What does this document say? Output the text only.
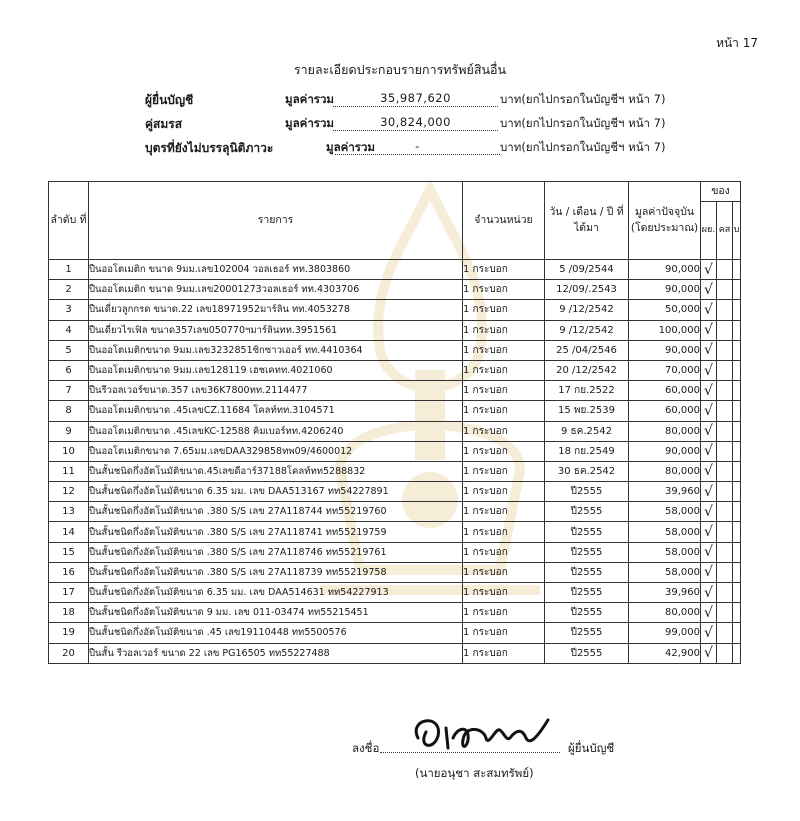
หน้า 17
รายละเอียดประกอบรายการทรัพย์สินอื่น
ผู้ยื่นบัญชี	มูลค่ารวม	35,987,620	บาท(ยกไปกรอกในบัญชีฯ หน้า 7)
คู่สมรส	มูลค่ารวม	30,824,000	บาท(ยกไปกรอกในบัญชีฯ หน้า 7)
บุตรที่ยังไม่บรรลุนิติภาวะ	มูลค่ารวม	-	บาท(ยกไปกรอกในบัญชีฯ หน้า 7)
ลำดับ ที่	รายการ	จำนวนหน่วย	วัน / เดือน / ปี ที่ได้มา	มูลค่าปัจจุบัน (โดยประมาณ)	ของ		
					ผย.	คส	บ
1	ปืนออโตเมติก ขนาด 9มม.เลข102004 วอลเธอร์ ทท.3803860	1 กระบอก	5 /09/2544	90,000	√		
2	ปืนออโตเมติก ขนาด 9มม.เลข20001273วอลเธอร์ ทท.4303706	1 กระบอก	12/09/.2543	90,000	√		
3	ปืนเดี่ยวลูกกรด ขนาด.22 เลข18971952มาร์ลิน ทท.4053278	1 กระบอก	9 /12/2542	50,000	√		
4	ปืนเดี่ยวไรเฟิล ขนาด357เลข050770ฯมาร์ลินทท.3951561	1 กระบอก	9 /12/2542	100,000	√		
5	ปืนออโตเมติกขนาด 9มม.เลข3232851ซิกซาวเออร์ ทท.4410364	1 กระบอก	25 /04/2546	90,000	√		
6	ปืนออโตเมติกขนาด 9มม.เลข128119 เฮชเคทท.4021060	1 กระบอก	20 /12/2542	70,000	√		
7	ปืนรีวอลเวอร์ขนาด.357 เลข36K7800ทท.2114477	1 กระบอก	17 กย.2522	60,000	√		
8	ปืนออโตเมติกขนาด .45เลขCZ.11684 โคลท์ทท.3104571	1 กระบอก	15 พย.2539	60,000	√		
9	ปืนออโตเมติกขนาด .45เลขKC-12588 คิมเบอร์ทท.4206240	1 กระบอก	9 ธค.2542	80,000	√		
10	ปืนออโตเมติกขนาด 7.65มม.เลขDAA329858ทพ09/4600012	1 กระบอก	18 กย.2549	90,000	√		
11	ปืนสั้นชนิดกึ่งอัตโนมัติขนาด.45เลขดีอาร์37188โคลท์ทท5288832	1 กระบอก	30 ธค.2542	80,000	√		
12	ปืนสั้นชนิดกึ่งอัตโนมัติขนาด 6.35 มม. เลข DAA513167 ทท54227891	1 กระบอก	ปี2555	39,960	√		
13	ปืนสั้นชนิดกึ่งอัตโนมัติขนาด .380 S/S เลข 27A118744 ทท55219760	1 กระบอก	ปี2555	58,000	√		
14	ปืนสั้นชนิดกึ่งอัตโนมัติขนาด .380 S/S เลข 27A118741 ทท55219759	1 กระบอก	ปี2555	58,000	√		
15	ปืนสั้นชนิดกึ่งอัตโนมัติขนาด .380 S/S เลข 27A118746 ทท55219761	1 กระบอก	ปี2555	58,000	√		
16	ปืนสั้นชนิดกึ่งอัตโนมัติขนาด .380 S/S เลข 27A118739 ทท55219758	1 กระบอก	ปี2555	58,000	√		
17	ปืนสั้นชนิดกึ่งอัตโนมัติขนาด 6.35 มม. เลข DAA514631 ทท54227913	1 กระบอก	ปี2555	39,960	√		
18	ปืนสั้นชนิดกึ่งอัตโนมัติขนาด 9 มม. เลข 011-03474 ทท55215451	1 กระบอก	ปี2555	80,000	√		
19	ปืนสั้นชนิดกึ่งอัตโนมัติขนาด .45 เลข19110448 ทท5500576	1 กระบอก	ปี2555	99,000	√		
20	ปืนสั้น รีวอลเวอร์ ขนาด 22 เลข PG16505 ทท55227488	1 กระบอก	ปี2555	42,900	√		
ลงชื่อ	ผู้ยื่นบัญชี
(นายอนุชา สะสมทรัพย์)
